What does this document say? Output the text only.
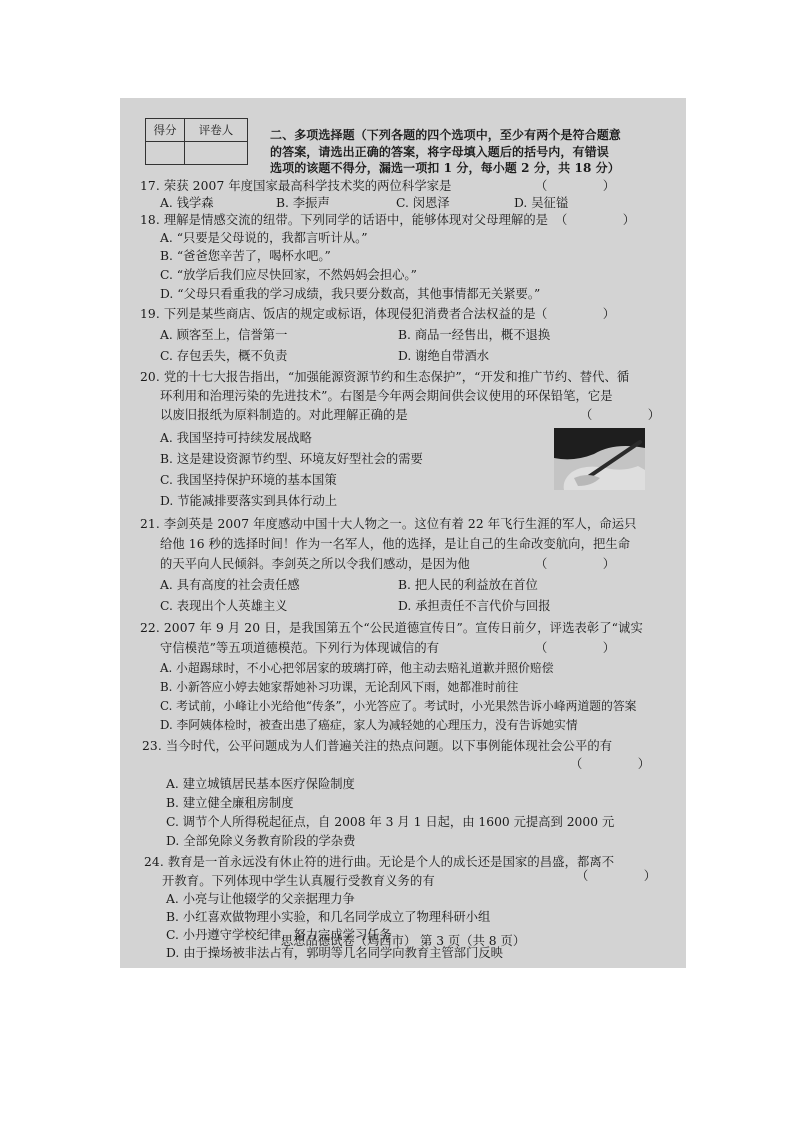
得分	评卷人
		二、多项选择题（下列各题的四个选项中，至少有两个是符合题意
的答案，请选出正确的答案，将字母填入题后的括号内，有错误
选项的该题不得分，漏选一项扣 1 分，每小题 2 分，共 18 分）
17. 荣获 2007 年度国家最高科学技术奖的两位科学家是	（	）
A. 钱学森	B. 李振声	C. 闵恩泽	D. 吴征镒
18. 理解是情感交流的纽带。下列同学的话语中，能够体现对父母理解的是 （	）
A. “只要是父母说的，我都言听计从。”
B. “爸爸您辛苦了，喝杯水吧。”
C. “放学后我们应尽快回家，不然妈妈会担心。”
D. “父母只看重我的学习成绩，我只要分数高，其他事情都无关紧要。”
19. 下列是某些商店、饭店的规定或标语，体现侵犯消费者合法权益的是 （	）
A. 顾客至上，信誉第一	B. 商品一经售出，概不退换
C. 存包丢失，概不负责	D. 谢绝自带酒水
20. 党的十七大报告指出，“加强能源资源节约和生态保护”，“开发和推广节约、替代、循
环利用和治理污染的先进技术”。右图是今年两会期间供会议使用的环保铅笔，它是
以废旧报纸为原料制造的。对此理解正确的是	（	）
A. 我国坚持可持续发展战略
B. 这是建设资源节约型、环境友好型社会的需要
C. 我国坚持保护环境的基本国策
D. 节能减排要落实到具体行动上
21. 李剑英是 2007 年度感动中国十大人物之一。这位有着 22 年飞行生涯的军人，命运只
给他 16 秒的选择时间！作为一名军人，他的选择，是让自己的生命改变航向，把生命
的天平向人民倾斜。李剑英之所以令我们感动，是因为他	（	）
A. 具有高度的社会责任感	B. 把人民的利益放在首位
C. 表现出个人英雄主义	D. 承担责任不言代价与回报
22. 2007 年 9 月 20 日，是我国第五个“公民道德宣传日”。宣传日前夕，评选表彰了“诚实
守信模范”等五项道德模范。下列行为体现诚信的有	（	）
A. 小超踢球时，不小心把邻居家的玻璃打碎，他主动去赔礼道歉并照价赔偿
B. 小新答应小婷去她家帮她补习功课，无论刮风下雨，她都准时前往
C. 考试前，小峰让小光给他“传条”，小光答应了。考试时，小光果然告诉小峰两道题的答案
D. 李阿姨体检时，被查出患了癌症，家人为减轻她的心理压力，没有告诉她实情
23. 当今时代，公平问题成为人们普遍关注的热点问题。以下事例能体现社会公平的有
（	）
A. 建立城镇居民基本医疗保险制度
B. 建立健全廉租房制度
C. 调节个人所得税起征点，自 2008 年 3 月 1 日起，由 1600 元提高到 2000 元
D. 全部免除义务教育阶段的学杂费
24. 教育是一首永远没有休止符的进行曲。无论是个人的成长还是国家的昌盛，都离不
开教育。下列体现中学生认真履行受教育义务的有	（	）
A. 小亮与让他辍学的父亲据理力争
B. 小红喜欢做物理小实验，和几名同学成立了物理科研小组
C. 小丹遵守学校纪律，努力完成学习任务
D. 由于操场被非法占有，郭明等几名同学向教育主管部门反映
思想品德试卷（鸡西市） 第 3 页（共 8 页）
